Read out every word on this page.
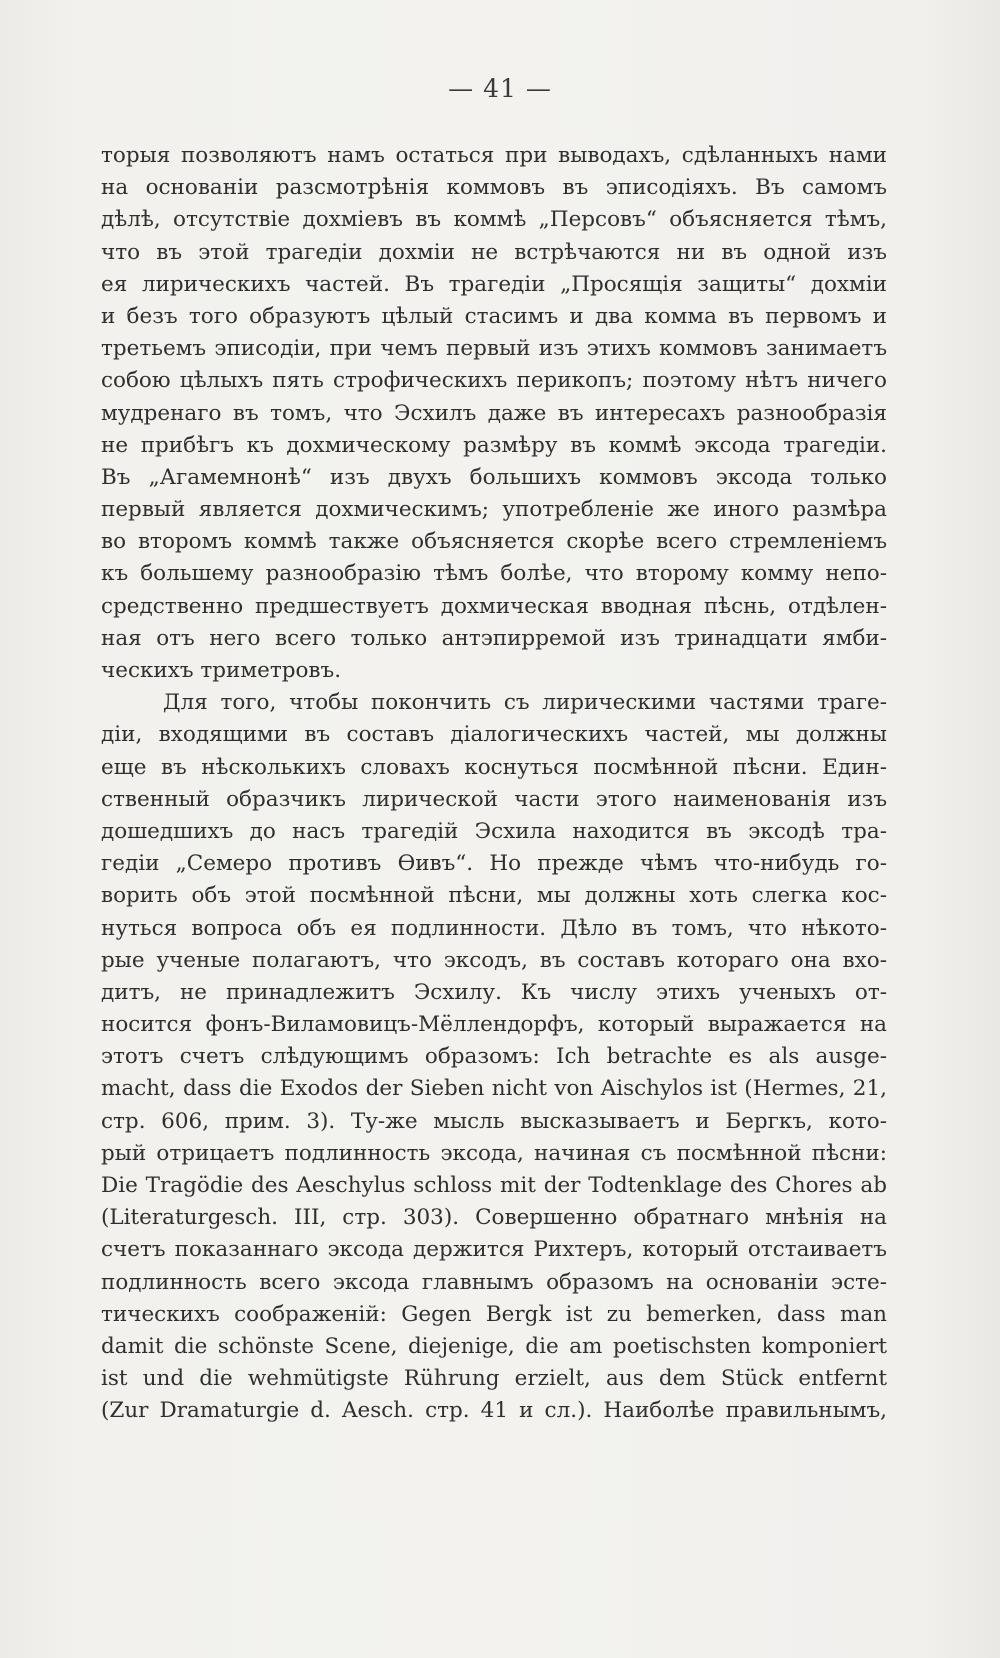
— 41 —
торыя позволяютъ намъ остаться при выводахъ, сдѣланныхъ нами
на основаніи разсмотрѣнія коммовъ въ эписодіяхъ. Въ самомъ
дѣлѣ, отсутствіе дохміевъ въ коммѣ „Персовъ“ объясняется тѣмъ,
что въ этой трагедіи дохміи не встрѣчаются ни въ одной изъ
ея лирическихъ частей. Въ трагедіи „Просящія защиты“ дохміи
и безъ того образуютъ цѣлый стасимъ и два комма въ первомъ и
третьемъ эписодіи, при чемъ первый изъ этихъ коммовъ занимаетъ
собою цѣлыхъ пять строфическихъ перикопъ; поэтому нѣтъ ничего
мудренаго въ томъ, что Эсхилъ даже въ интересахъ разнообразія
не прибѣгъ къ дохмическому размѣру въ коммѣ эксода трагедіи.
Въ „Агамемнонѣ“ изъ двухъ большихъ коммовъ эксода только
первый является дохмическимъ; употребленіе же иного размѣра
во второмъ коммѣ также объясняется скорѣе всего стремленіемъ
къ большему разнообразію тѣмъ болѣе, что второму комму непо-
средственно предшествуетъ дохмическая вводная пѣснь, отдѣлен-
ная отъ него всего только антэпирремой изъ тринадцати ямби-
ческихъ триметровъ.
Для того, чтобы покончить съ лирическими частями траге-
діи, входящими въ составъ діалогическихъ частей, мы должны
еще въ нѣсколькихъ словахъ коснуться посмѣнной пѣсни. Един-
ственный образчикъ лирической части этого наименованія изъ
дошедшихъ до насъ трагедій Эсхила находится въ эксодѣ тра-
гедіи „Семеро противъ Ѳивъ“. Но прежде чѣмъ что-нибудь го-
ворить объ этой посмѣнной пѣсни, мы должны хоть слегка кос-
нуться вопроса объ ея подлинности. Дѣло въ томъ, что нѣкото-
рые ученые полагаютъ, что эксодъ, въ составъ котораго она вхо-
дитъ, не принадлежитъ Эсхилу. Къ числу этихъ ученыхъ от-
носится фонъ-Виламовицъ-Мёллендорфъ, который выражается на
этотъ счетъ слѣдующимъ образомъ: Ich betrachte es als ausge-
macht, dass die Exodos der Sieben nicht von Aischylos ist (Hermes, 21,
стр. 606, прим. 3). Ту-же мысль высказываетъ и Бергкъ, кото-
рый отрицаетъ подлинность эксода, начиная съ посмѣнной пѣсни:
Die Tragödie des Aeschylus schloss mit der Todtenklage des Chores ab
(Literaturgesch. III, стр. 303). Совершенно обратнаго мнѣнія на
счетъ показаннаго эксода держится Рихтеръ, который отстаиваетъ
подлинность всего эксода главнымъ образомъ на основаніи эсте-
тическихъ соображеній: Gegen Bergk ist zu bemerken, dass man
damit die schönste Scene, diejenige, die am poetischsten komponiert
ist und die wehmütigste Rührung erzielt, aus dem Stück entfernt
(Zur Dramaturgie d. Aesch. стр. 41 и сл.). Наиболѣе правильнымъ,
